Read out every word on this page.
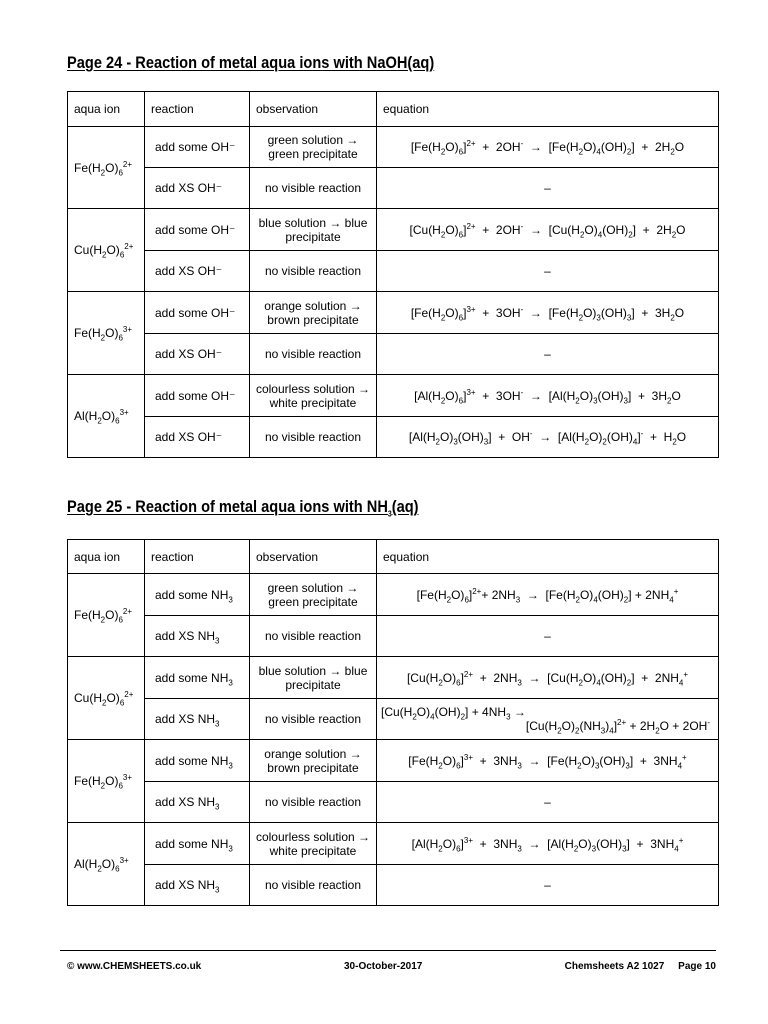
Page 24 - Reaction of metal aqua ions with NaOH(aq)
aqua ion	reaction	observation	equation
$Fe(H_2O)_6^{2+}$	add some OH⁻	green solution → green precipitate	$[Fe(H_2O)_6]^{2+} + 2OH^- \to [Fe(H_2O)_4(OH)_2] + 2H_2O$
	add XS OH⁻	no visible reaction	–
$Cu(H_2O)_6^{2+}$	add some OH⁻	blue solution → blue precipitate	$[Cu(H_2O)_6]^{2+} + 2OH^- \to [Cu(H_2O)_4(OH)_2] + 2H_2O$
	add XS OH⁻	no visible reaction	–
$Fe(H_2O)_6^{3+}$	add some OH⁻	orange solution → brown precipitate	$[Fe(H_2O)_6]^{3+} + 3OH^- \to [Fe(H_2O)_3(OH)_3] + 3H_2O$
	add XS OH⁻	no visible reaction	–
$Al(H_2O)_6^{3+}$	add some OH⁻	colourless solution → white precipitate	$[Al(H_2O)_6]^{3+} + 3OH^- \to [Al(H_2O)_3(OH)_3] + 3H_2O$
	add XS OH⁻	no visible reaction	$[Al(H_2O)_3(OH)_3] + OH^- \to [Al(H_2O)_2(OH)_4]^- + H_2O$
Page 25 - Reaction of metal aqua ions with $NH_3(aq)$
aqua ion	reaction	observation	equation
$Fe(H_2O)_6^{2+}$	add some $NH_3$	green solution → green precipitate	$[Fe(H_2O)_6]^{2+}+ 2NH_3 \to [Fe(H_2O)_4(OH)_2] + 2NH_4^+$
	add XS $NH_3$	no visible reaction	–
$Cu(H_2O)_6^{2+}$	add some $NH_3$	blue solution → blue precipitate	$[Cu(H_2O)_6]^{2+} + 2NH_3 \to [Cu(H_2O)_4(OH)_2] + 2NH_4^+$
	add XS $NH_3$	no visible reaction	$[Cu(H_2O)_4(OH)_2] + 4NH_3$ →
$[Cu(H_2O)_2(NH_3)_4]^{2+} + 2H_2O + 2OH^-$

$Fe(H_2O)_6^{3+}$	add some $NH_3$	orange solution → brown precipitate	$[Fe(H_2O)_6]^{3+} + 3NH_3 \to [Fe(H_2O)_3(OH)_3] + 3NH_4^+$
	add XS $NH_3$	no visible reaction	–
$Al(H_2O)_6^{3+}$	add some $NH_3$	colourless solution → white precipitate	$[Al(H_2O)_6]^{3+} + 3NH_3 \to [Al(H_2O)_3(OH)_3] + 3NH_4^+$
	add XS $NH_3$	no visible reaction	–
© www.CHEMSHEETS.co.uk	30-October-2017	Chemsheets A2 1027     Page 10
